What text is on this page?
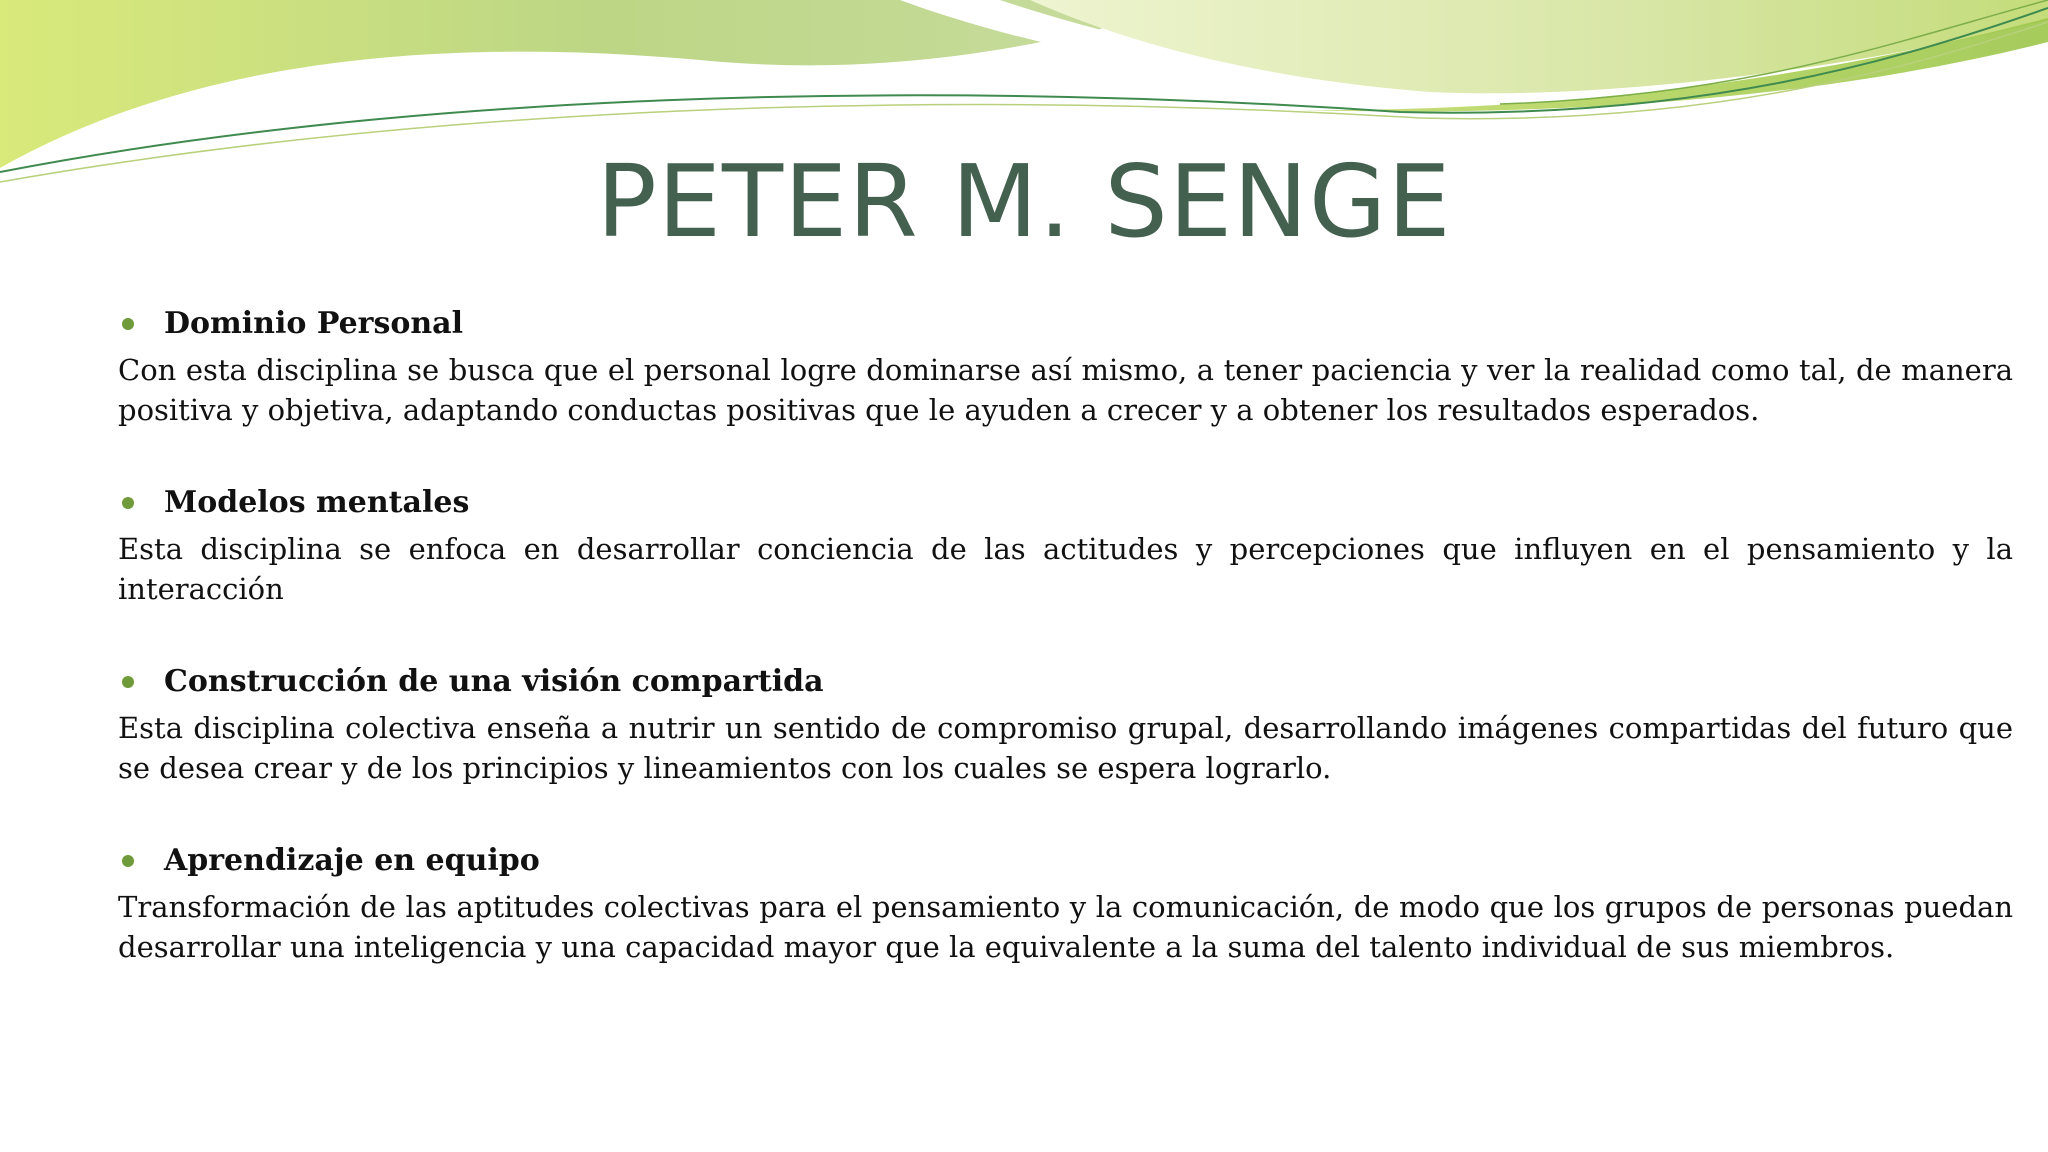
PETER M. SENGE
Dominio Personal

Con esta disciplina se busca que el personal logre dominarse así mismo, a tener paciencia y ver la realidad como tal, de manera positiva y objetiva, adaptando conductas positivas que le ayuden a crecer y a obtener los resultados esperados.

Modelos mentales

Esta disciplina se enfoca en desarrollar conciencia de las actitudes y percepciones que influyen en el pensamiento y la interacción

Construcción de una visión compartida

Esta disciplina colectiva enseña a nutrir un sentido de compromiso grupal, desarrollando imágenes compartidas del futuro que se desea crear y de los principios y lineamientos con los cuales se espera lograrlo.

Aprendizaje en equipo

Transformación de las aptitudes colectivas para el pensamiento y la comunicación, de modo que los grupos de personas puedan desarrollar una inteligencia y una capacidad mayor que la equivalente a la suma del talento individual de sus miembros.
